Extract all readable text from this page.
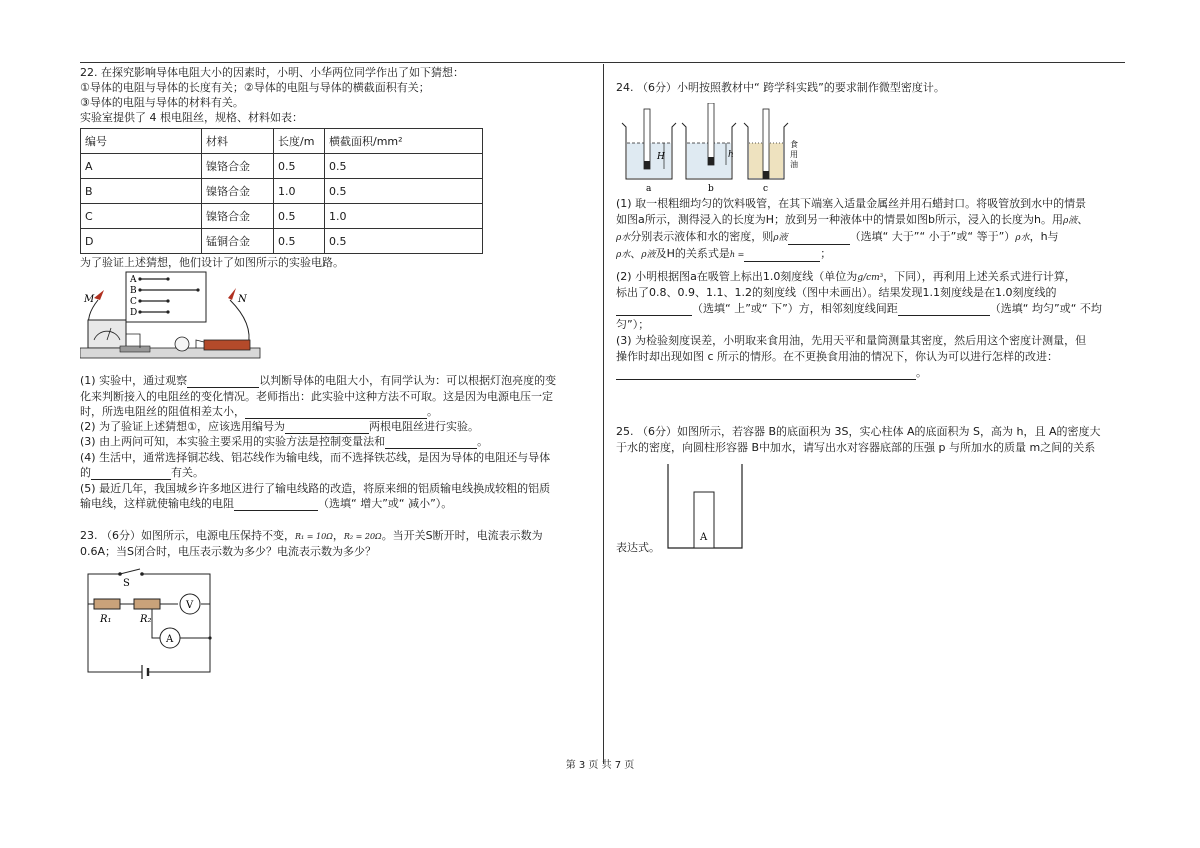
22. 在探究影响导体电阻大小的因素时，小明、小华两位同学作出了如下猜想：
①导体的电阻与导体的长度有关；②导体的电阻与导体的横截面积有关；
③导体的电阻与导体的材料有关。
实验室提供了 4 根电阻丝，规格、材料如表：
编号	材料	长度/m	横截面积/mm²
A	镍铬合金	0.5	0.5
B	镍铬合金	1.0	0.5
C	镍铬合金	0.5	1.0
D	锰铜合金	0.5	0.5
为了验证上述猜想，他们设计了如图所示的实验电路。
A
B
C
D
M	N
(1) 实验中，通过观察	以判断导体的电阻大小，有同学认为：可以根据灯泡亮度的变
化来判断接入的电阻丝的变化情况。老师指出：此实验中这种方法不可取。这是因为电源电压一定
时，所选电阻丝的阻值相差太小，	。
(2) 为了验证上述猜想①，应该选用编号为	两根电阻丝进行实验。
(3) 由上两问可知，本实验主要采用的实验方法是控制变量法和	。
(4) 生活中，通常选择铜芯线、铝芯线作为输电线，而不选择铁芯线，是因为导体的电阻还与导体
的	有关。
(5) 最近几年，我国城乡许多地区进行了输电线路的改造，将原来细的铝质输电线换成较粗的铝质
输电线，这样就使输电线的电阻	（选填“ 增大”或“ 减小”）。
23. （6分）如图所示，电源电压保持不变，R₁ = 10Ω，R₂ = 20Ω。当开关S断开时，电流表示数为
0.6A；当S闭合时，电压表示数为多少？电流表示数为多少？
S
R₁	R₂
V
A
24. （6分）小明按照教材中“ 跨学科实践”的要求制作微型密度计。
H
a
h
b
食
用
油
c
(1) 取一根粗细均匀的饮料吸管，在其下端塞入适量金属丝并用石蜡封口。将吸管放到水中的情景
如图a所示，测得浸入的长度为H；放到另一种液体中的情景如图b所示，浸入的长度为h。用ρ液、
ρ水分别表示液体和水的密度，则ρ液	（选填“ 大于”“ 小于”或“ 等于”）ρ水，h与
ρ水、ρ液及H的关系式是h =	；
(2) 小明根据图a在吸管上标出1.0刻度线（单位为g/cm³，下同），再利用上述关系式进行计算，
标出了0.8、0.9、1.1、1.2的刻度线（图中未画出）。结果发现1.1刻度线是在1.0刻度线的
（选填“ 上”或“ 下”）方，相邻刻度线间距	（选填“ 均匀”或“ 不均
匀”）；
(3) 为检验刻度误差，小明取来食用油，先用天平和量筒测量其密度，然后用这个密度计测量，但
操作时却出现如图 c 所示的情形。在不更换食用油的情况下，你认为可以进行怎样的改进：
。
25. （6分）如图所示，若容器 B的底面积为 3S，实心柱体 A的底面积为 S，高为 h，且 A的密度大
于水的密度，向圆柱形容器 B中加水，请写出水对容器底部的压强 p 与所加水的质量 m之间的关系
A
表达式。
第 3 页 共 7 页
